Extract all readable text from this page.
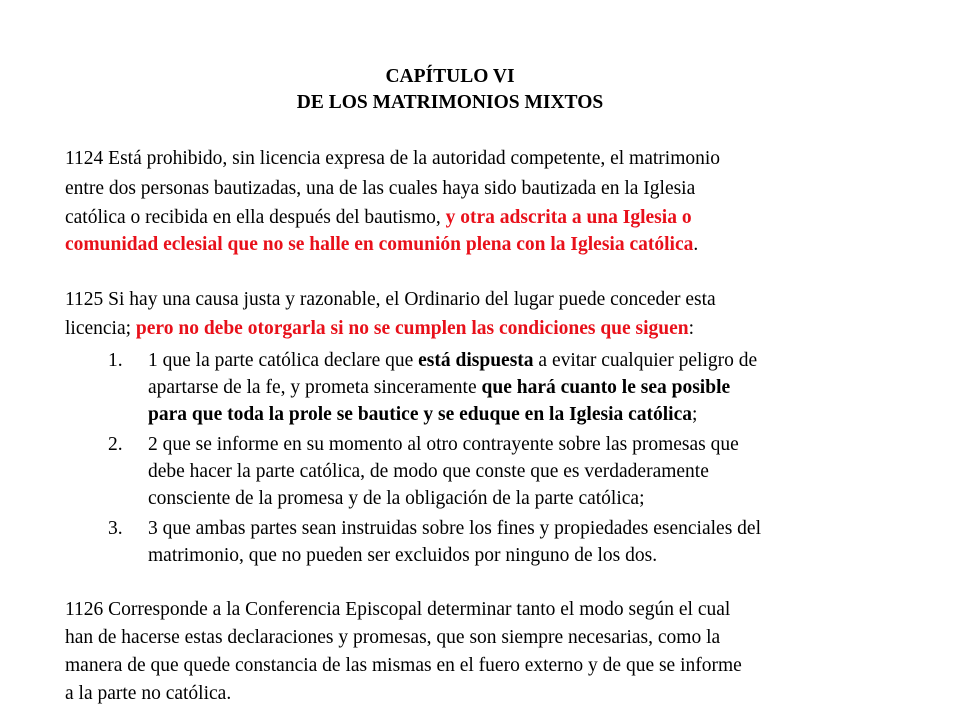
CAPÍTULO VI
DE LOS MATRIMONIOS MIXTOS
1124 Está prohibido, sin licencia expresa de la autoridad competente, el matrimonio
entre dos personas bautizadas, una de las cuales haya sido bautizada en la Iglesia
católica o recibida en ella después del bautismo, y otra adscrita a una Iglesia o
comunidad eclesial que no se halle en comunión plena con la Iglesia católica.
1125 Si hay una causa justa y razonable, el Ordinario del lugar puede conceder esta
licencia; pero no debe otorgarla si no se cumplen las condiciones que siguen:
1.	1 que la parte católica declare que está dispuesta a evitar cualquier peligro de
apartarse de la fe, y prometa sinceramente que hará cuanto le sea posible
para que toda la prole se bautice y se eduque en la Iglesia católica;
2.	2 que se informe en su momento al otro contrayente sobre las promesas que
debe hacer la parte católica, de modo que conste que es verdaderamente
consciente de la promesa y de la obligación de la parte católica;
3.	3 que ambas partes sean instruidas sobre los fines y propiedades esenciales del
matrimonio, que no pueden ser excluidos por ninguno de los dos.
1126 Corresponde a la Conferencia Episcopal determinar tanto el modo según el cual
han de hacerse estas declaraciones y promesas, que son siempre necesarias, como la
manera de que quede constancia de las mismas en el fuero externo y de que se informe
a la parte no católica.
